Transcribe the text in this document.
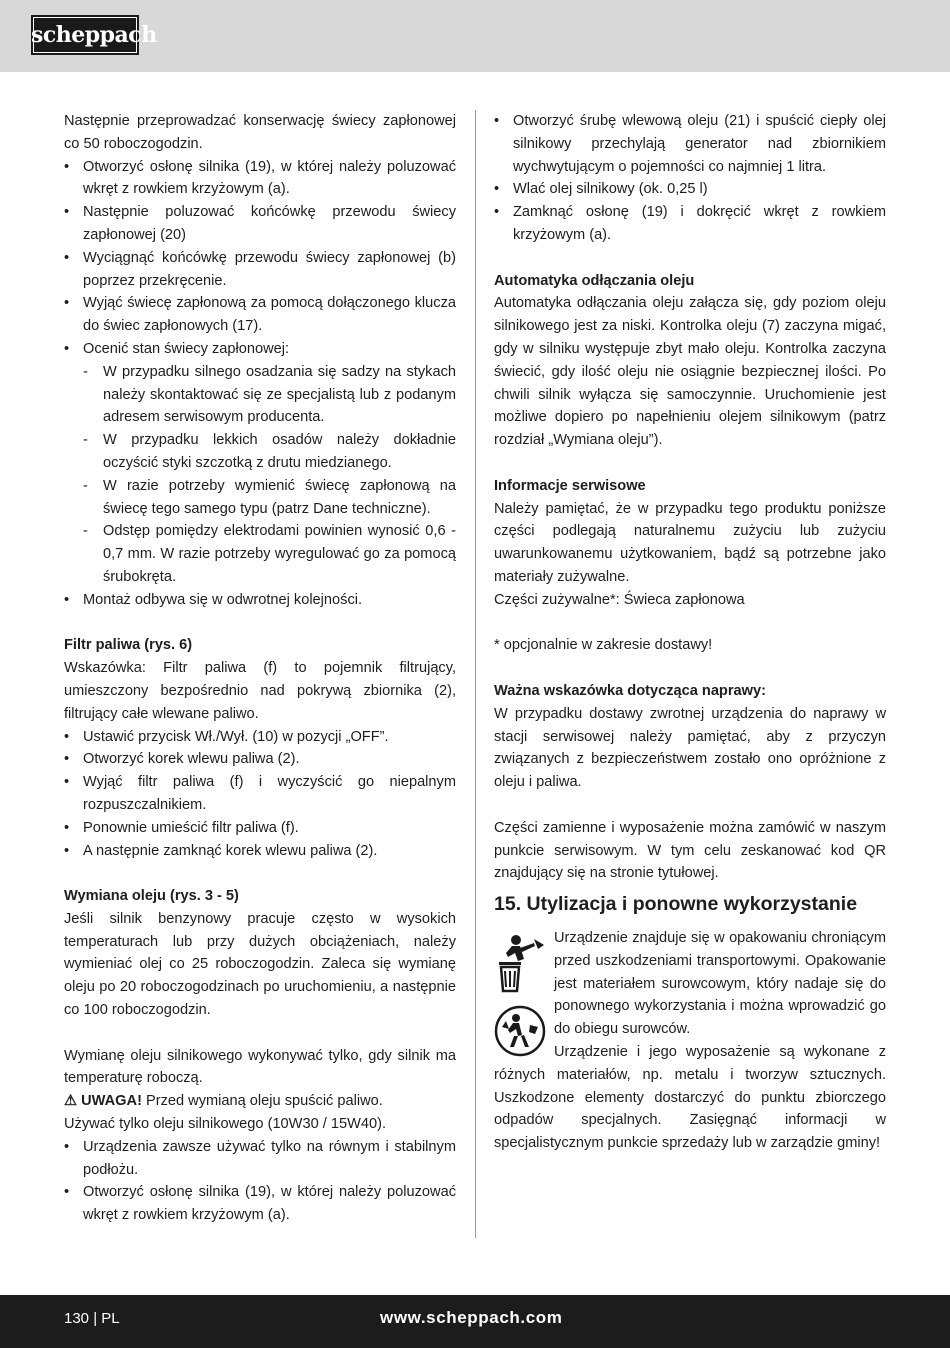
scheppach

Następnie przeprowadzać konserwację świecy zapłonowej co 50 roboczogodzin.

• Otworzyć osłonę silnika (19), w której należy poluzować wkręt z rowkiem krzyżowym (a).

• Następnie poluzować końcówkę przewodu świecy zapłonowej (20)

• Wyciągnąć końcówkę przewodu świecy zapłonowej (b) poprzez przekręcenie.

• Wyjąć świecę zapłonową za pomocą dołączonego klucza do świec zapłonowych (17).

• Ocenić stan świecy zapłonowej:

- W przypadku silnego osadzania się sadzy na stykach należy skontaktować się ze specjalistą lub z podanym adresem serwisowym producenta.

- W przypadku lekkich osadów należy dokładnie oczyścić styki szczotką z drutu miedzianego.

- W razie potrzeby wymienić świecę zapłonową na świecę tego samego typu (patrz Dane techniczne).

- Odstęp pomiędzy elektrodami powinien wynosić 0,6 - 0,7 mm. W razie potrzeby wyregulować go za pomocą śrubokręta.

• Montaż odbywa się w odwrotnej kolejności.

Filtr paliwa (rys. 6)

Wskazówka: Filtr paliwa (f) to pojemnik filtrujący, umieszczony bezpośrednio nad pokrywą zbiornika (2), filtrujący całe wlewane paliwo.

• Ustawić przycisk Wł./Wył. (10) w pozycji „OFF”.

• Otworzyć korek wlewu paliwa (2).

• Wyjąć filtr paliwa (f) i wyczyścić go niepalnym rozpuszczalnikiem.

• Ponownie umieścić filtr paliwa (f).

• A następnie zamknąć korek wlewu paliwa (2).

Wymiana oleju (rys. 3 - 5)

Jeśli silnik benzynowy pracuje często w wysokich temperaturach lub przy dużych obciążeniach, należy wymieniać olej co 25 roboczogodzin. Zaleca się wymianę oleju po 20 roboczogodzinach po uruchomieniu, a następnie co 100 roboczogodzin.

Wymianę oleju silnikowego wykonywać tylko, gdy silnik ma temperaturę roboczą.

⚠ UWAGA! Przed wymianą oleju spuścić paliwo.

Używać tylko oleju silnikowego (10W30 / 15W40).

• Urządzenia zawsze używać tylko na równym i stabilnym podłożu.

• Otworzyć osłonę silnika (19), w której należy poluzować wkręt z rowkiem krzyżowym (a).

• Otworzyć śrubę wlewową oleju (21) i spuścić ciepły olej silnikowy przechylają generator nad zbiornikiem wychwytującym o pojemności co najmniej 1 litra.

• Wlać olej silnikowy (ok. 0,25 l)

• Zamknąć osłonę (19) i dokręcić wkręt z rowkiem krzyżowym (a).

Automatyka odłączania oleju

Automatyka odłączania oleju załącza się, gdy poziom oleju silnikowego jest za niski. Kontrolka oleju (7) zaczyna migać, gdy w silniku występuje zbyt mało oleju. Kontrolka zaczyna świecić, gdy ilość oleju nie osiągnie bezpiecznej ilości. Po chwili silnik wyłącza się samoczynnie. Uruchomienie jest możliwe dopiero po napełnieniu olejem silnikowym (patrz rozdział „Wymiana oleju”).

Informacje serwisowe

Należy pamiętać, że w przypadku tego produktu poniższe części podlegają naturalnemu zużyciu lub zużyciu uwarunkowanemu użytkowaniem, bądź są potrzebne jako materiały zużywalne.

Części zużywalne*: Świeca zapłonowa

* opcjonalnie w zakresie dostawy!

Ważna wskazówka dotycząca naprawy:

W przypadku dostawy zwrotnej urządzenia do naprawy w stacji serwisowej należy pamiętać, aby z przyczyn związanych z bezpieczeństwem zostało ono opróżnione z oleju i paliwa.

Części zamienne i wyposażenie można zamówić w naszym punkcie serwisowym. W tym celu zeskanować kod QR znajdujący się na stronie tytułowej.

15. Utylizacja i ponowne wykorzystanie

Urządzenie znajduje się w opakowaniu chroniącym przed uszkodzeniami transportowymi. Opakowanie jest materiałem surowcowym, który nadaje się do ponownego wykorzystania i można wprowadzić go do obiegu surowców.

Urządzenie i jego wyposażenie są wykonane z różnych materiałów, np. metalu i tworzyw sztucznych. Uszkodzone elementy dostarczyć do punktu zbiorczego odpadów specjalnych. Zasięgnąć informacji w specjalistycznym punkcie sprzedaży lub w zarządzie gminy!

130 | PL	www.scheppach.com
